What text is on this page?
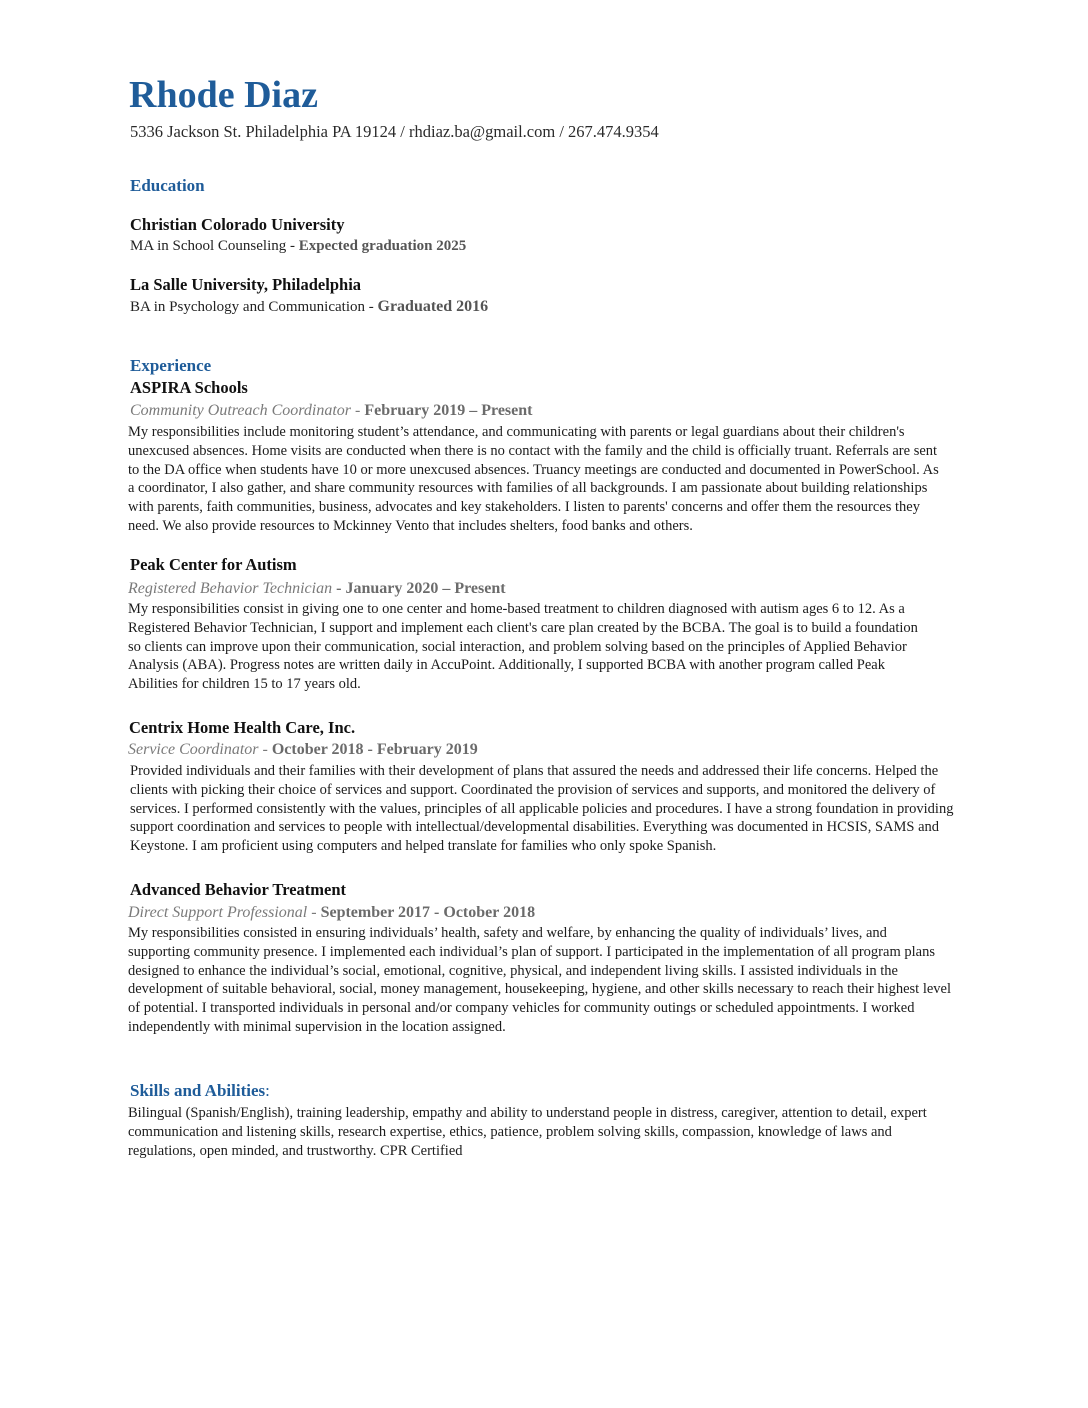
Rhode Diaz
5336 Jackson St. Philadelphia PA 19124 / rhdiaz.ba@gmail.com / 267.474.9354
Education
Christian Colorado University
MA in School Counseling - Expected graduation 2025
La Salle University, Philadelphia
BA in Psychology and Communication - Graduated 2016
Experience
ASPIRA Schools
Community Outreach Coordinator - February 2019 – Present
My responsibilities include monitoring student’s attendance, and communicating with parents or legal guardians about their children's
unexcused absences. Home visits are conducted when there is no contact with the family and the child is officially truant. Referrals are sent
to the DA office when students have 10 or more unexcused absences. Truancy meetings are conducted and documented in PowerSchool. As
a coordinator, I also gather, and share community resources with families of all backgrounds. I am passionate about building relationships
with parents, faith communities, business, advocates and key stakeholders. I listen to parents' concerns and offer them the resources they
need. We also provide resources to Mckinney Vento that includes shelters, food banks and others.
Peak Center for Autism
Registered Behavior Technician - January 2020 – Present
My responsibilities consist in giving one to one center and home-based treatment to children diagnosed with autism ages 6 to 12. As a
Registered Behavior Technician, I support and implement each client's care plan created by the BCBA. The goal is to build a foundation
so clients can improve upon their communication, social interaction, and problem solving based on the principles of Applied Behavior
Analysis (ABA). Progress notes are written daily in AccuPoint. Additionally, I supported BCBA with another program called Peak
Abilities for children 15 to 17 years old.
Centrix Home Health Care, Inc.
Service Coordinator - October 2018 - February 2019
Provided individuals and their families with their development of plans that assured the needs and addressed their life concerns. Helped the
clients with picking their choice of services and support. Coordinated the provision of services and supports, and monitored the delivery of
services. I performed consistently with the values, principles of all applicable policies and procedures. I have a strong foundation in providing
support coordination and services to people with intellectual/developmental disabilities. Everything was documented in HCSIS, SAMS and
Keystone. I am proficient using computers and helped translate for families who only spoke Spanish.
Advanced Behavior Treatment
Direct Support Professional - September 2017 - October 2018
My responsibilities consisted in ensuring individuals’ health, safety and welfare, by enhancing the quality of individuals’ lives, and
supporting community presence. I implemented each individual’s plan of support. I participated in the implementation of all program plans
designed to enhance the individual’s social, emotional, cognitive, physical, and independent living skills. I assisted individuals in the
development of suitable behavioral, social, money management, housekeeping, hygiene, and other skills necessary to reach their highest level
of potential. I transported individuals in personal and/or company vehicles for community outings or scheduled appointments. I worked
independently with minimal supervision in the location assigned.
Skills and Abilities:
Bilingual (Spanish/English), training leadership, empathy and ability to understand people in distress, caregiver, attention to detail, expert
communication and listening skills, research expertise, ethics, patience, problem solving skills, compassion, knowledge of laws and
regulations, open minded, and trustworthy. CPR Certified
